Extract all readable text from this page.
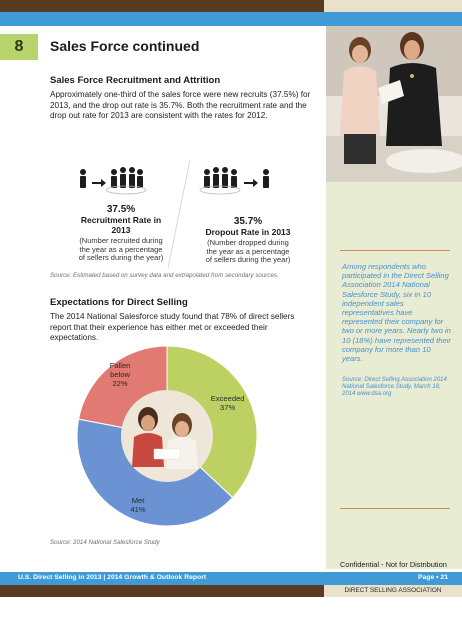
8	Sales Force continued
Sales Force Recruitment and Attrition
Approximately one-third of the sales force were new recruits (37.5%) for 2013, and the drop out rate is 35.7%. Both the recruitment rate and the drop out rate for 2013 are consistent with the rates for 2012.
37.5%
Recruitment Rate in
2013
(Number recruited during
the year as a percentage
of sellers during the year)
35.7%
Dropout Rate in 2013
(Number dropped during
the year as a percentage
of sellers during the year)
Source: Estimated based on survey data and extrapolated from secondary sources.
Expectations for Direct Selling
The 2014 National Salesforce study found that 78% of direct sellers report that their experience has either met or exceeded their expectations.
Exceeded
37%
Met
41%
Fallen
below
22%
Source: 2014 National Salesforce Study
Among respondents who participated in the Direct Selling Association 2014 National Salesforce Study, six in 10 independent sales representatives have represented their company for two or more years. Nearly two in 10 (18%) have represented their company for more than 10 years.
Source: Direct Selling Association 2014 National Salesforce Study, March 18, 2014 www.dsa.org
Confidential - Not for Distribution
U.S. Direct Selling in 2013 | 2014 Growth & Outlook Report	Page • 21
DIRECT SELLING ASSOCIATION
